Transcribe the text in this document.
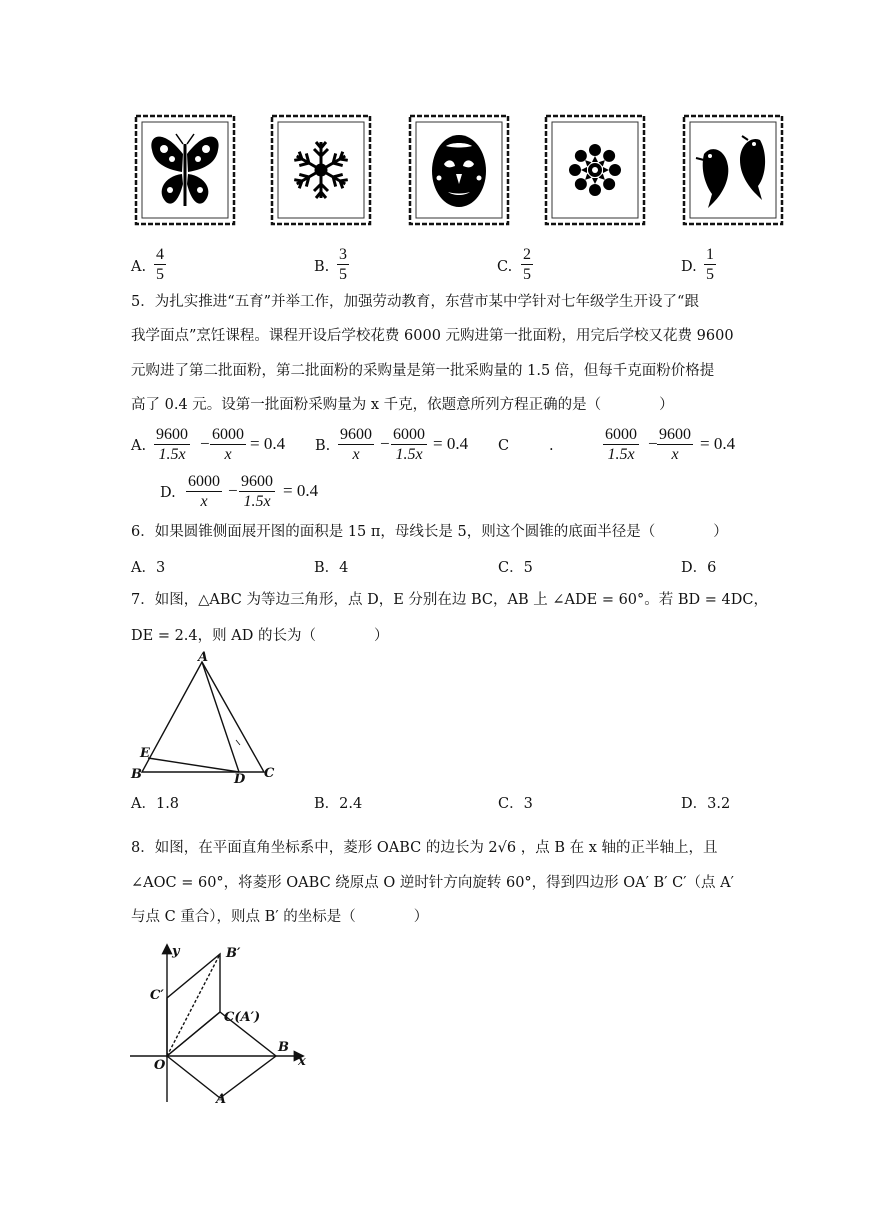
A. $\frac{4}{5}$	B. $\frac{3}{5}$	C. $\frac{2}{5}$	D. $\frac{1}{5}$
5．为扎实推进“五育”并举工作，加强劳动教育，东营市某中学针对七年级学生开设了“跟
我学面点”烹饪课程。课程开设后学校花费 6000 元购进第一批面粉，用完后学校又花费 9600
元购进了第二批面粉，第二批面粉的采购量是第一批采购量的 1.5 倍，但每千克面粉价格提
高了 0.4 元。设第一批面粉采购量为 x 千克，依题意所列方程正确的是（　　　　）
A. $\frac{9600}{1.5x} - \frac{6000}{x} = 0.4$ B. $\frac{9600}{x} - \frac{6000}{1.5x} = 0.4$ C	.	$\frac{6000}{1.5x} - \frac{9600}{x} = 0.4$
D. $\frac{6000}{x} - \frac{9600}{1.5x} = 0.4$
6．如果圆锥侧面展开图的面积是 15 π，母线长是 5，则这个圆锥的底面半径是（　　　　）
A．3	B．4	C．5	D．6
7．如图，△ABC 为等边三角形，点 D，E 分别在边 BC，AB 上 ∠ADE = 60°。若 BD = 4DC，
DE = 2.4，则 AD 的长为（　　　　）
A
E
B	D C
A．1.8	B．2.4	C．3	D．3.2
8．如图，在平面直角坐标系中，菱形 OABC 的边长为 2√6 ，点 B 在 x 轴的正半轴上，且
∠AOC = 60°，将菱形 OABC 绕原点 O 逆时针方向旋转 60°，得到四边形 OA′ B′ C′（点 A′
与点 C 重合），则点 B′ 的坐标是（　　　　）
y
x
O
A
B
B′
C′
C(A′)
